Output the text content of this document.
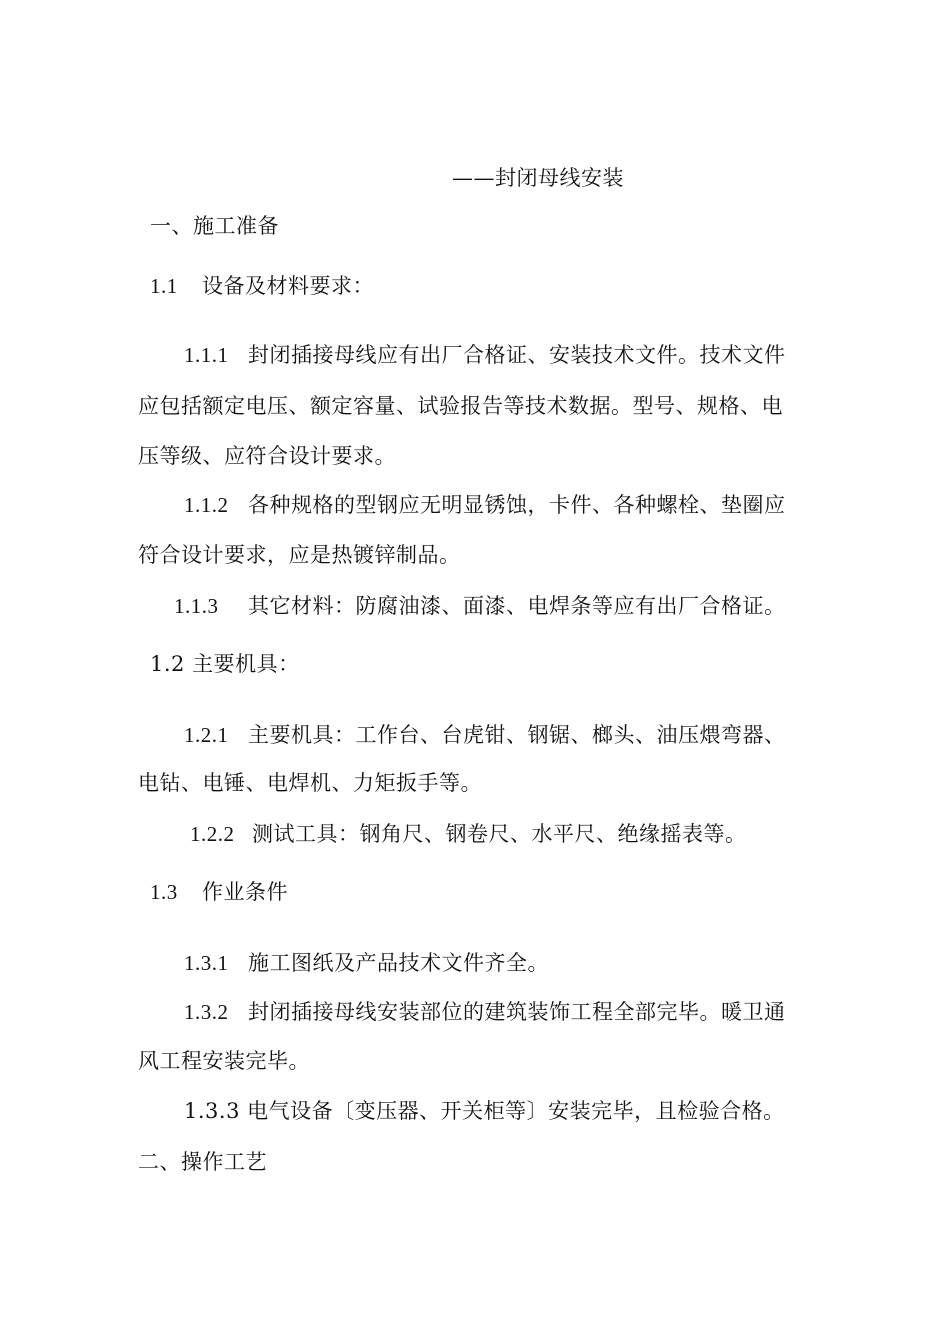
——封闭母线安装
一、施工准备
1.1 设备及材料要求：
1.1.1 封闭插接母线应有出厂合格证、安装技术文件。技术文件
应包括额定电压、额定容量、试验报告等技术数据。型号、规格、电
压等级、应符合设计要求。
1.1.2 各种规格的型钢应无明显锈蚀，卡件、各种螺栓、垫圈应
符合设计要求，应是热镀锌制品。
1.1.3 其它材料：防腐油漆、面漆、电焊条等应有出厂合格证。
1.2 主要机具：
1.2.1 主要机具：工作台、台虎钳、钢锯、榔头、油压煨弯器、
电钻、电锤、电焊机、力矩扳手等。
1.2.2 测试工具：钢角尺、钢卷尺、水平尺、绝缘摇表等。
1.3 作业条件
1.3.1 施工图纸及产品技术文件齐全。
1.3.2 封闭插接母线安装部位的建筑装饰工程全部完毕。暖卫通
风工程安装完毕。
1.3.3 电气设备〔变压器、开关柜等〕安装完毕，且检验合格。
二、操作工艺
